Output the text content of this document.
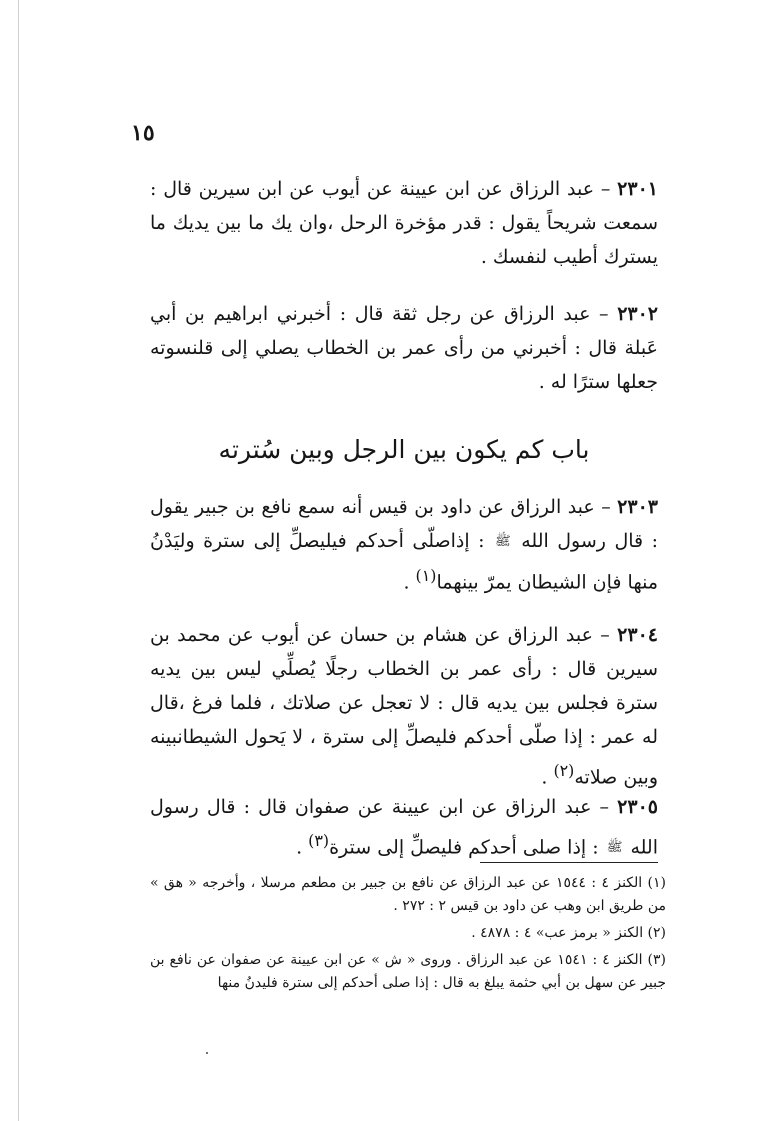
١٥

٢٣٠١ – عبد الرزاق عن ابن عيينة عن أيوب عن ابن سيرين قال : سمعت شريحاً يقول : قدر مؤخرة الرحل ،وان يك ما بين يديك ما يسترك أطيب لنفسك .

٢٣٠٢ – عبد الرزاق عن رجل ثقة قال : أخبرني ابراهيم بن أبي عَبلة قال : أخبرني من رأى عمر بن الخطاب يصلي إلى قلنسوته جعلها سترًا له .

باب كم يكون بين الرجل وبين سُترته

٢٣٠٣ – عبد الرزاق عن داود بن قيس أنه سمع نافع بن جبير يقول : قال رسول الله ﷺ : إذاصلّى أحدكم فيليصلِّ إلى سترة وليَدْنُ منها فإن الشيطان يمرّ بينهما$^{(١)}$ .

٢٣٠٤ – عبد الرزاق عن هشام بن حسان عن أيوب عن محمد بن سيرين قال : رأى عمر بن الخطاب رجلًا يُصلِّي ليس بين يديه سترة فجلس بين يديه قال : لا تعجل عن صلاتك ، فلما فرغ ،قال له عمر : إذا صلّى أحدكم فليصلِّ إلى سترة ، لا يَحول الشيطانبينه وبين صلاته$^{(٢)}$ .

٢٣٠٥ – عبد الرزاق عن ابن عيينة عن صفوان قال : قال رسول الله ﷺ : إذا صلى أحدكم فليصلِّ إلى سترة$^{(٣)}$ .

(١) الكنز ٤ : ١٥٤٤ عن عبد الرزاق عن نافع بن جبير بن مطعم مرسلا ، وأخرجه « هق » من طريق ابن وهب عن داود بن قيس ٢ : ٢٧٢ .

(٢) الكنز « برمز عب» ٤ : ٤٨٧٨ .

(٣) الكنز ٤ : ١٥٤١ عن عبد الرزاق . وروى « ش » عن ابن عيينة عن صفوان عن نافع بن جبير عن سهل بن أبي حثمة يبلغ به قال : إذا صلى أحدكم إلى سترة فليدنُ منها
